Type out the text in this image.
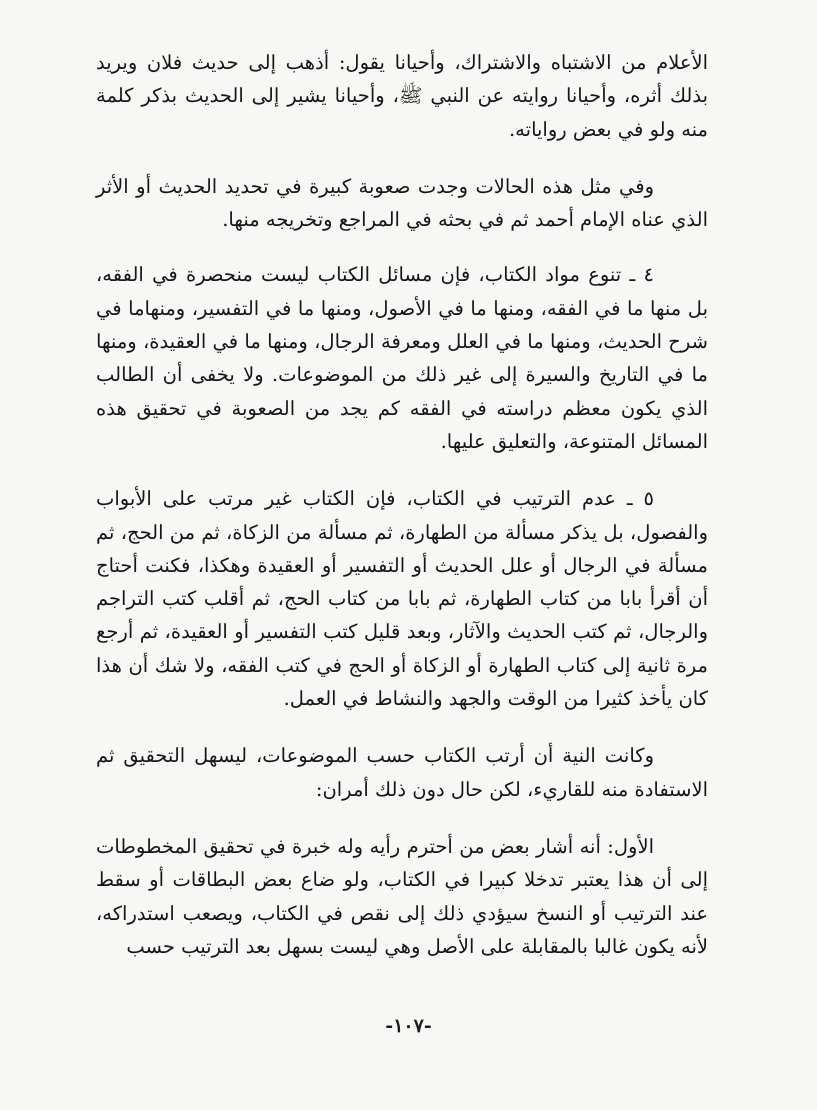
الأعلام من الاشتباه والاشتراك، وأحيانا يقول: أذهب إلى حديث فلان ويريد بذلك أثره، وأحيانا روايته عن النبي ﷺ، وأحيانا يشير إلى الحديث بذكر كلمة منه ولو في بعض رواياته.

وفي مثل هذه الحالات وجدت صعوبة كبيرة في تحديد الحديث أو الأثر الذي عناه الإمام أحمد ثم في بحثه في المراجع وتخريجه منها.

٤ ـ تنوع مواد الكتاب، فإن مسائل الكتاب ليست منحصرة في الفقه، بل منها ما في الفقه، ومنها ما في الأصول، ومنها ما في التفسير، ومنهاما في شرح الحديث، ومنها ما في العلل ومعرفة الرجال، ومنها ما في العقيدة، ومنها ما في التاريخ والسيرة إلى غير ذلك من الموضوعات. ولا يخفى أن الطالب الذي يكون معظم دراسته في الفقه كم يجد من الصعوبة في تحقيق هذه المسائل المتنوعة، والتعليق عليها.

٥ ـ عدم الترتيب في الكتاب، فإن الكتاب غير مرتب على الأبواب والفصول، بل يذكر مسألة من الطهارة، ثم مسألة من الزكاة، ثم من الحج، ثم مسألة في الرجال أو علل الحديث أو التفسير أو العقيدة وهكذا، فكنت أحتاج أن أقرأ بابا من كتاب الطهارة، ثم بابا من كتاب الحج، ثم أقلب كتب التراجم والرجال، ثم كتب الحديث والآثار، وبعد قليل كتب التفسير أو العقيدة، ثم أرجع مرة ثانية إلى كتاب الطهارة أو الزكاة أو الحج في كتب الفقه، ولا شك أن هذا كان يأخذ كثيرا من الوقت والجهد والنشاط في العمل.

وكانت النية أن أرتب الكتاب حسب الموضوعات، ليسهل التحقيق ثم الاستفادة منه للقاريء، لكن حال دون ذلك أمران:

الأول: أنه أشار بعض من أحترم رأيه وله خبرة في تحقيق المخطوطات إلى أن هذا يعتبر تدخلا كبيرا في الكتاب، ولو ضاع بعض البطاقات أو سقط عند الترتيب أو النسخ سيؤدي ذلك إلى نقص في الكتاب، ويصعب استدراكه، لأنه يكون غالبا بالمقابلة على الأصل وهي ليست بسهل بعد الترتيب حسب

-١٠٧-
